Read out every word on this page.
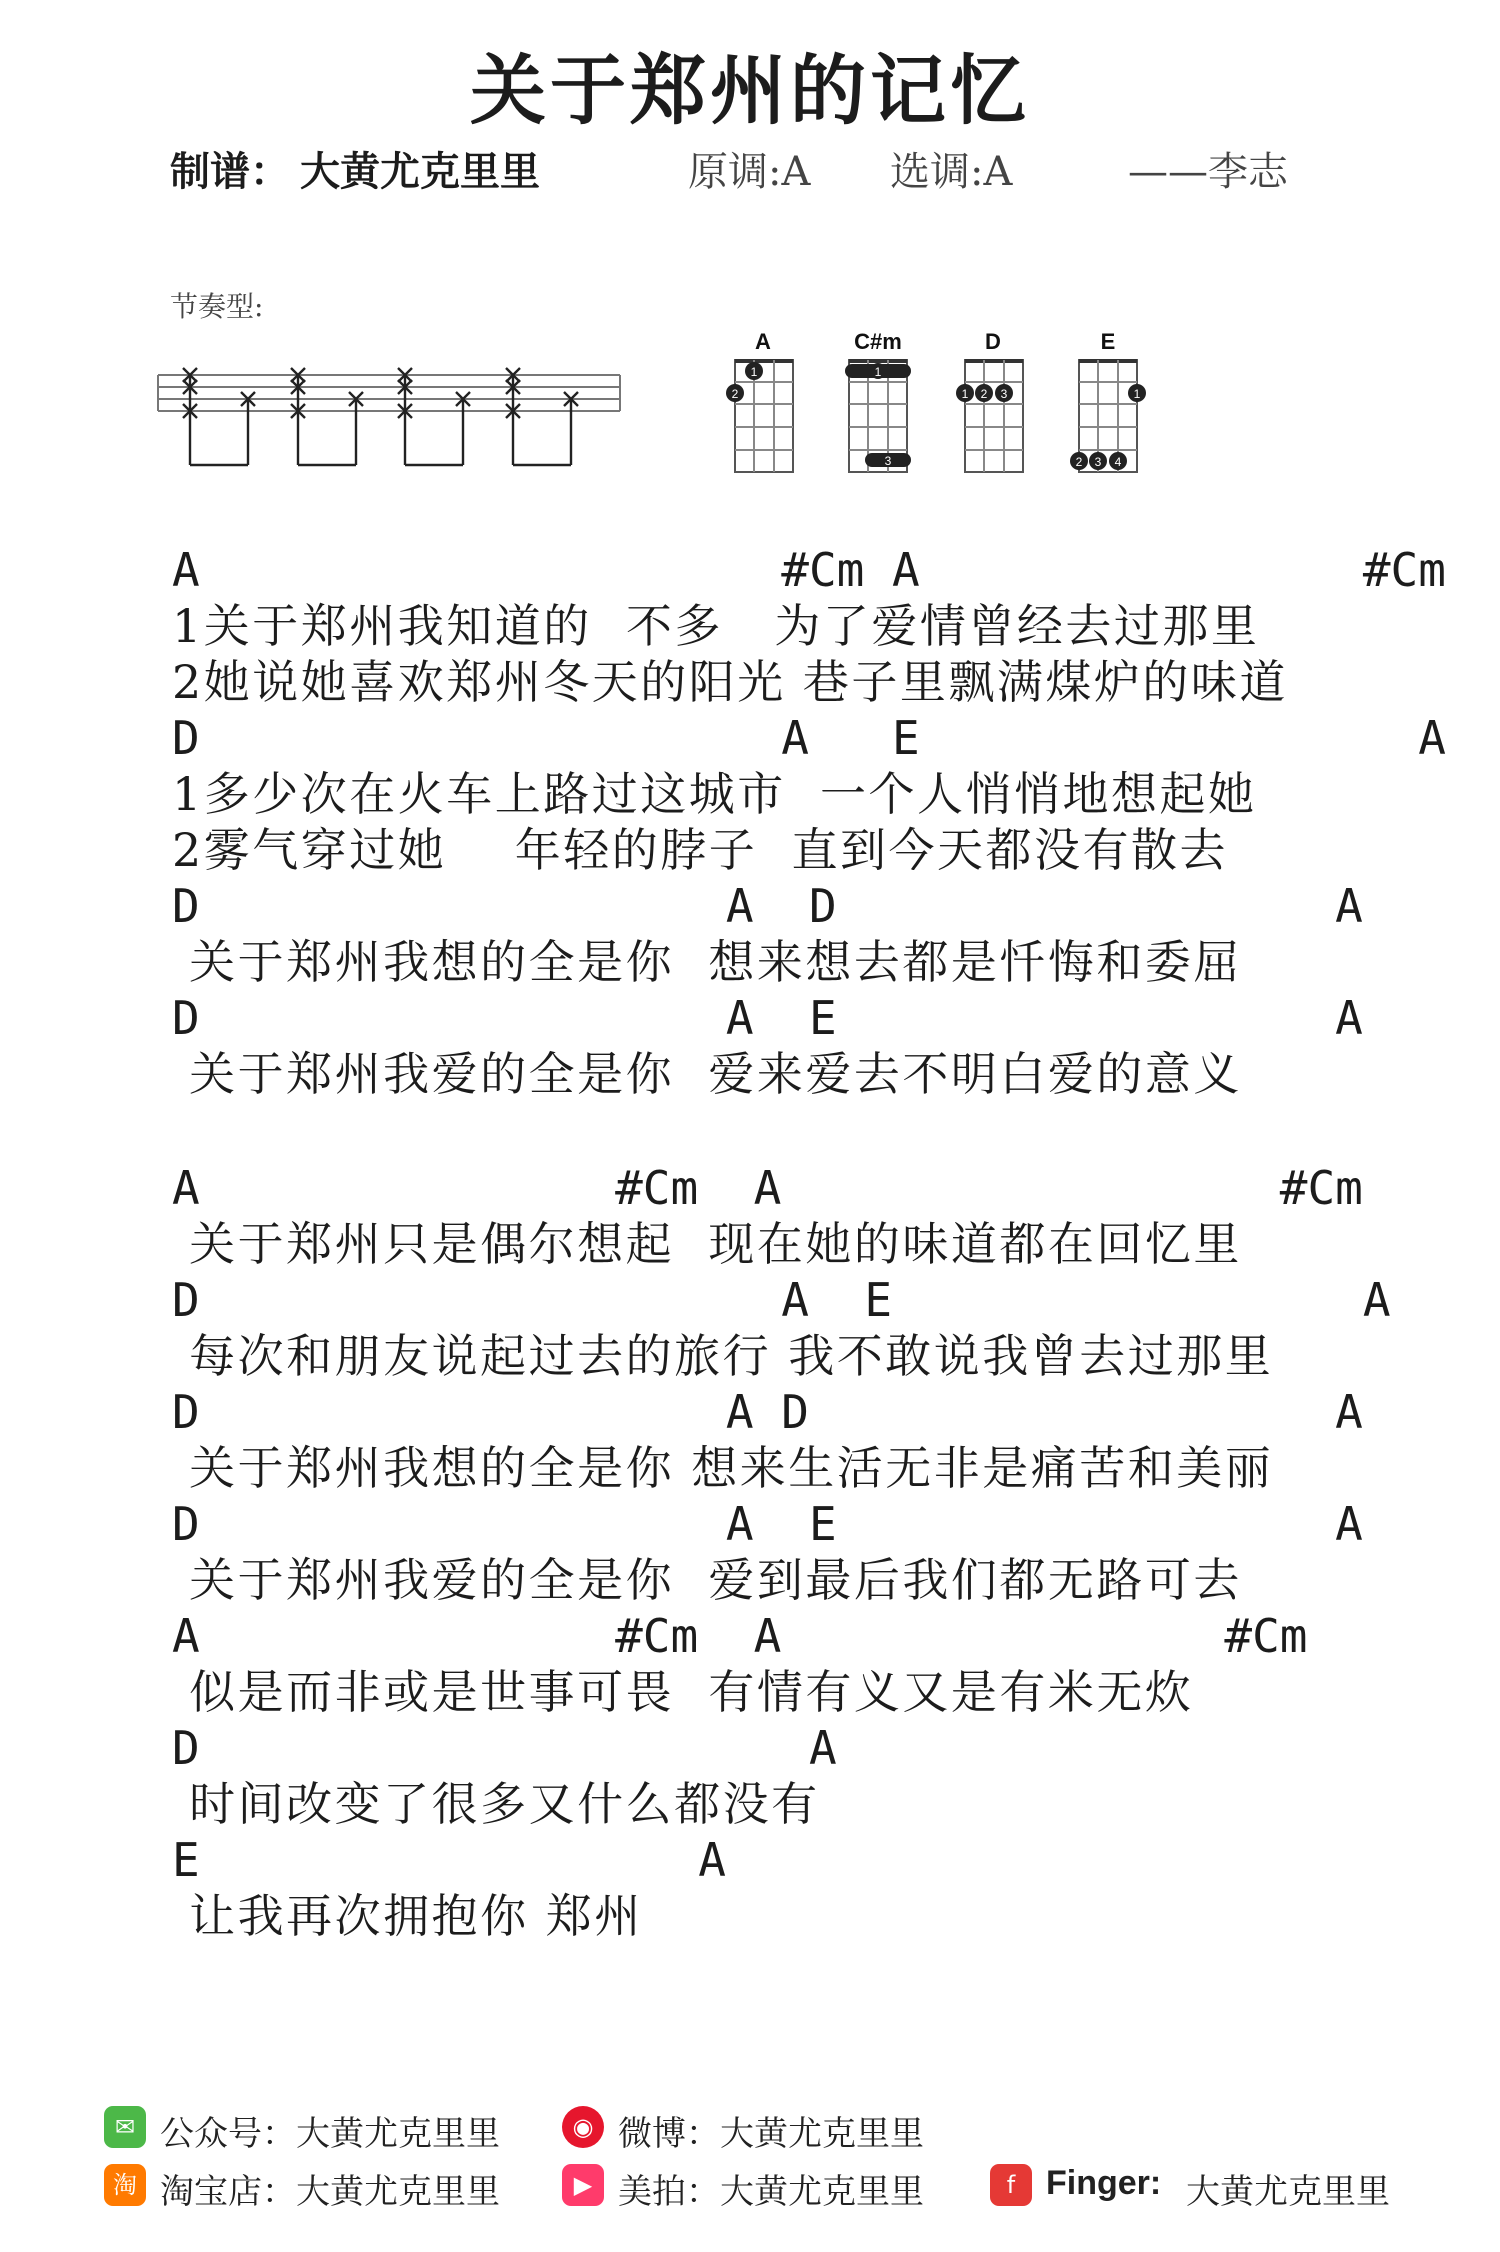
关于郑州的记忆
制谱： 大黄尤克里里	原调:A 选调:A	——李志
节奏型:
A
1
2
C#m
1
3
D
1 2 3
E
1
2 3 4
A                     #Cm A                #Cm
1关于郑州我知道的  不多   为了爱情曾经去过那里
2她说她喜欢郑州冬天的阳光 巷子里飘满煤炉的味道
D                     A   E                  A
1多少次在火车上路过这城市  一个人悄悄地想起她
2雾气穿过她    年轻的脖子  直到今天都没有散去
D                   A  D                  A
关于郑州我想的全是你  想来想去都是忏悔和委屈
D                   A  E                  A
关于郑州我爱的全是你  爱来爱去不明白爱的意义
A               #Cm  A                  #Cm
关于郑州只是偶尔想起  现在她的味道都在回忆里
D                     A  E                 A
每次和朋友说起过去的旅行 我不敢说我曾去过那里
D                   A D                   A
关于郑州我想的全是你 想来生活无非是痛苦和美丽
D                   A  E                  A
关于郑州我爱的全是你  爱到最后我们都无路可去
A               #Cm  A                #Cm
似是而非或是世事可畏  有情有义又是有米无炊
D                      A
时间改变了很多又什么都没有
E                  A
让我再次拥抱你 郑州
✉ 公众号：大黄尤克里里	◉ 微博：大黄尤克里里
淘 淘宝店：大黄尤克里里	▶ 美拍：大黄尤克里里	f Finger: 大黄尤克里里
